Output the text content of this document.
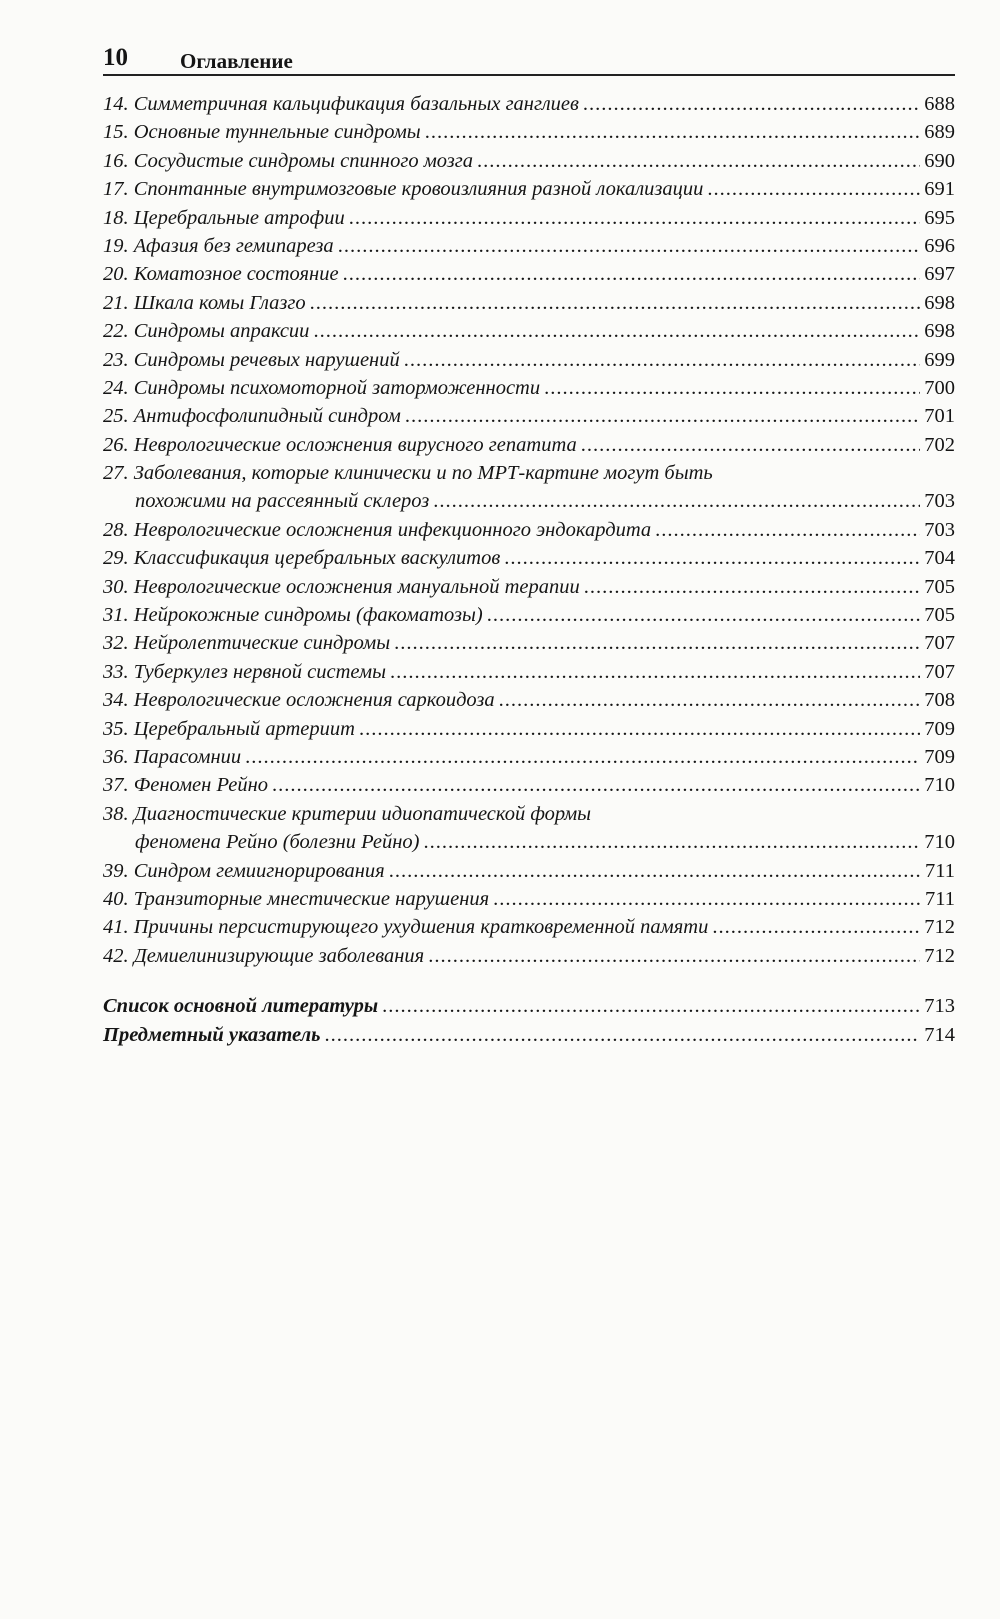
10 Оглавление
14. Симметричная кальцификация базальных ганглиев .....	688
15. Основные туннельные синдромы .....	689
16. Сосудистые синдромы спинного мозга .....	690
17. Спонтанные внутримозговые кровоизлияния разной локализации .....	691
18. Церебральные атрофии .....	695
19. Афазия без гемипареза .....	696
20. Коматозное состояние .....	697
21. Шкала комы Глазго .....	698
22. Синдромы апраксии .....	698
23. Синдромы речевых нарушений .....	699
24. Синдромы психомоторной заторможенности .....	700
25. Антифосфолипидный синдром .....	701
26. Неврологические осложнения вирусного гепатита .....	702
27. Заболевания, которые клинически и по МРТ-картине могут быть
похожими на рассеянный склероз .....	703
28. Неврологические осложнения инфекционного эндокардита .....	703
29. Классификация церебральных васкулитов .....	704
30. Неврологические осложнения мануальной терапии .....	705
31. Нейрокожные синдромы (факоматозы) .....	705
32. Нейролептические синдромы .....	707
33. Туберкулез нервной системы .....	707
34. Неврологические осложнения саркоидоза .....	708
35. Церебральный артериит .....	709
36. Парасомнии .....	709
37. Феномен Рейно .....	710
38. Диагностические критерии идиопатической формы
феномена Рейно (болезни Рейно) .....	710
39. Синдром гемиигнорирования .....	711
40. Транзиторные мнестические нарушения .....	711
41. Причины персистирующего ухудшения кратковременной памяти .....	712
42. Демиелинизирующие заболевания .....	712
Список основной литературы .....	713
Предметный указатель .....	714
